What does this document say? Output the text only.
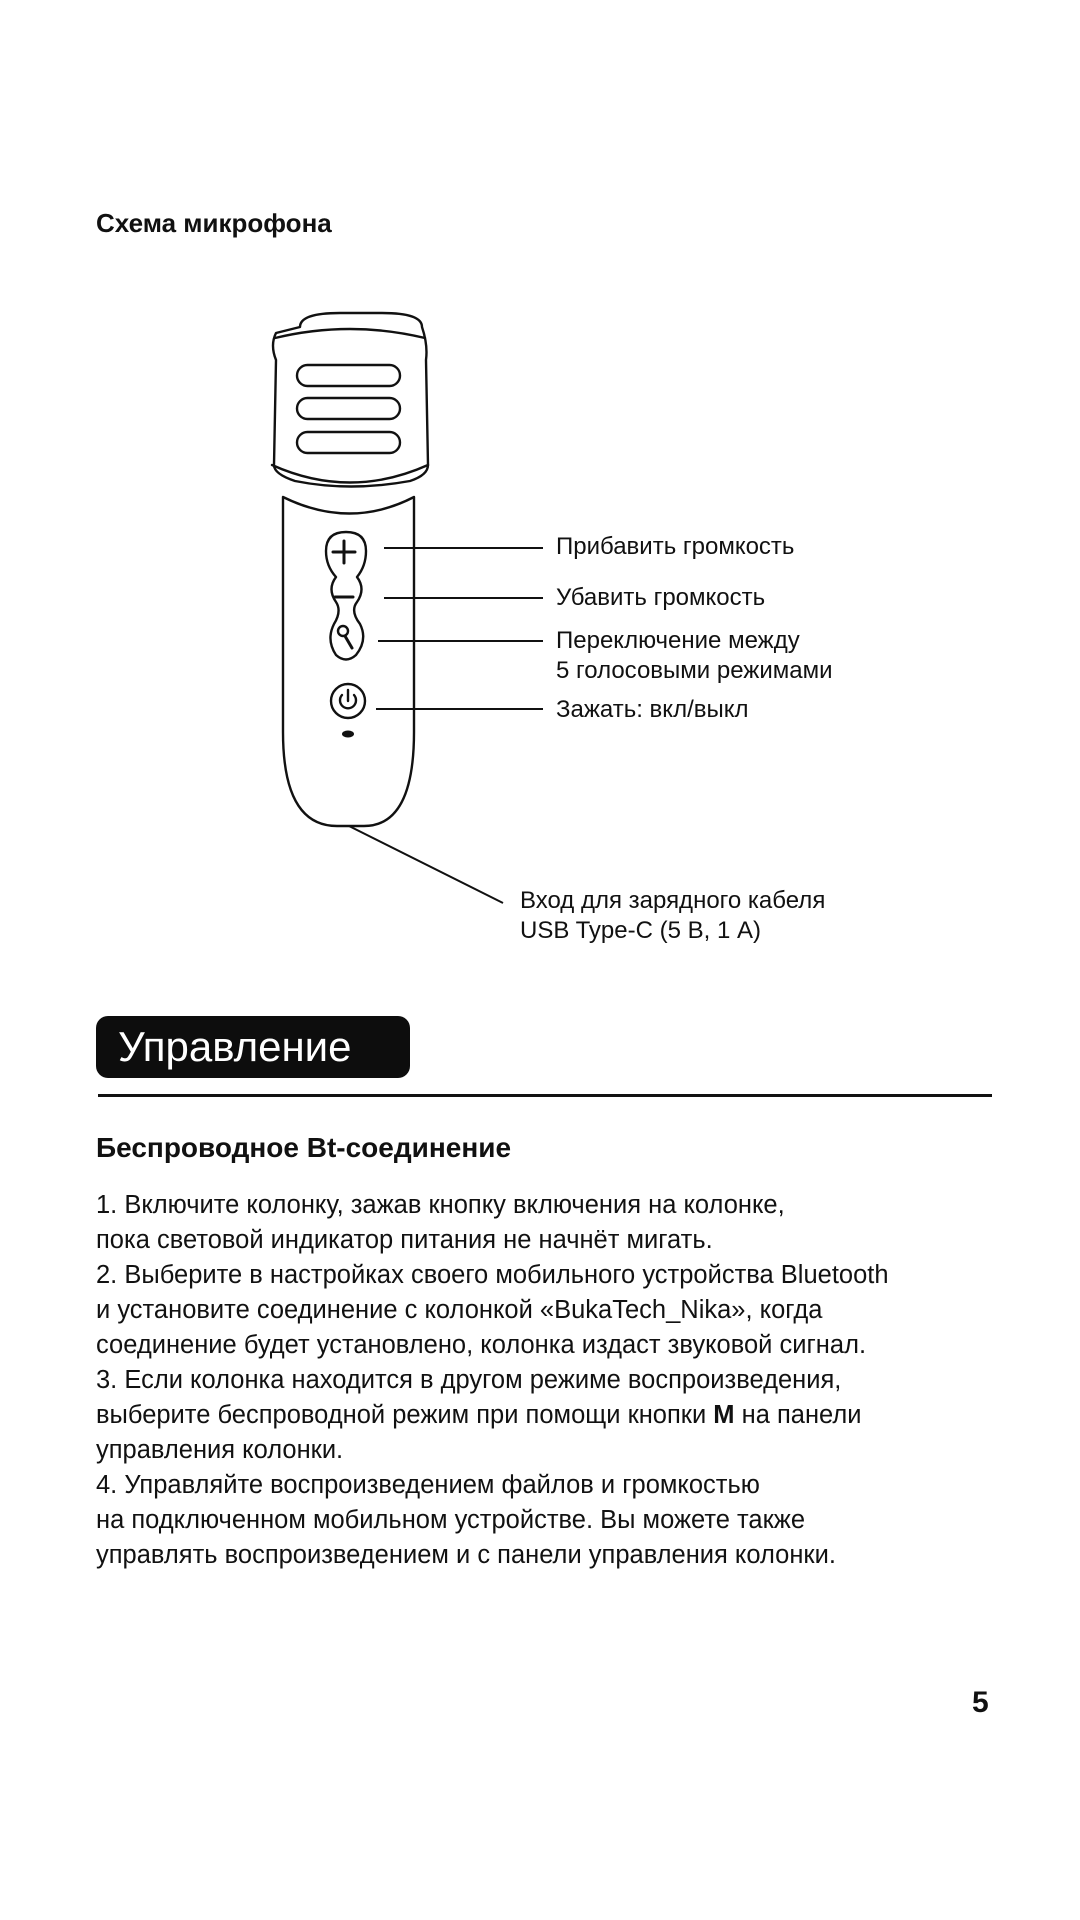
Схема микрофона
Прибавить громкость
Убавить громкость
Переключение между
5 голосовыми режимами
Зажать: вкл/выкл
Вход для зарядного кабеля
USB Type-C (5 В, 1 А)
Управление
Беспроводное Bt-соединение
1. Включите колонку, зажав кнопку включения на колонке,
пока световой индикатор питания не начнёт мигать.
2. Выберите в настройках своего мобильного устройства Bluetooth
и установите соединение с колонкой «BukaTech_Nika», когда
соединение будет установлено, колонка издаст звуковой сигнал.
3. Если колонка находится в другом режиме воспроизведения,
выберите беспроводной режим при помощи кнопки M на панели
управления колонки.
4. Управляйте воспроизведением файлов и громкостью
на подключенном мобильном устройстве. Вы можете также
управлять воспроизведением и с панели управления колонки.
5
